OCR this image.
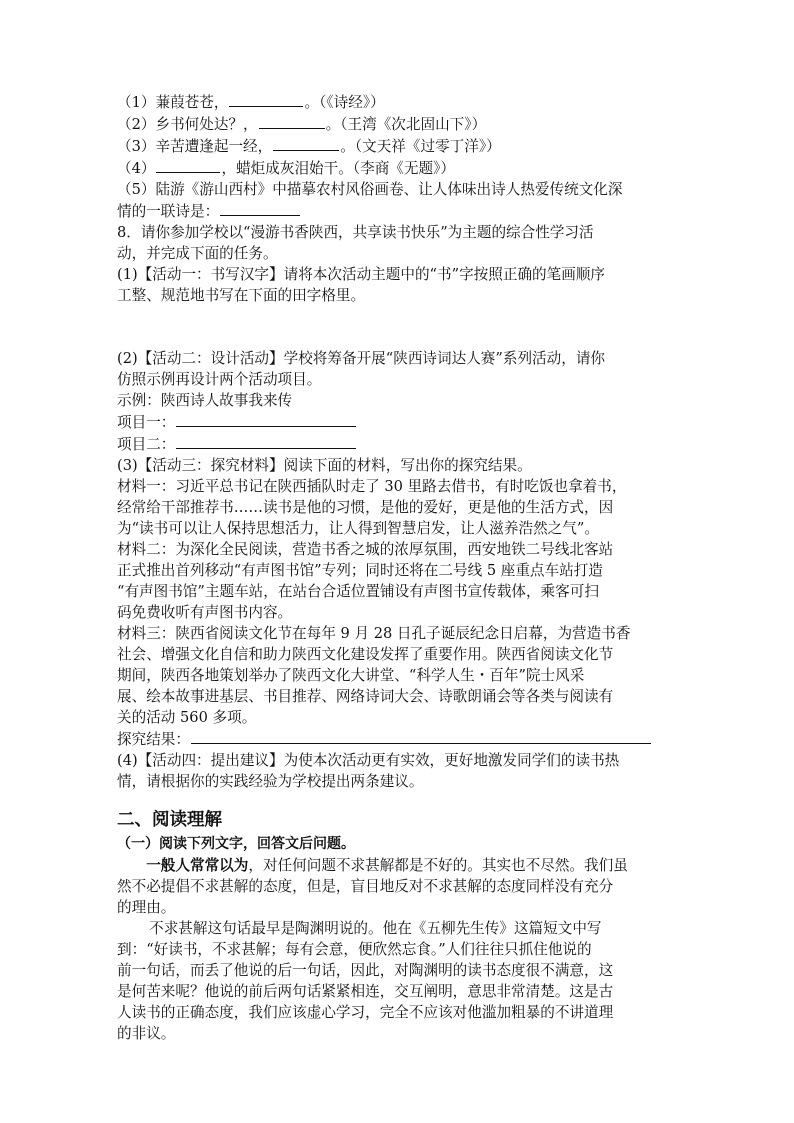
（1）蒹葭苍苍，	。（《诗经》）
（2）乡书何处达？，	。（王湾《次北固山下》）
（3）辛苦遭逢起一经，	。（文天祥《过零丁洋》）
（4）	，蜡炬成灰泪始干。（李商《无题》）
（5）陆游《游山西村》中描摹农村风俗画卷、让人体味出诗人热爱传统文化深
情的一联诗是：
8．请你参加学校以“漫游书香陕西，共享读书快乐”为主题的综合性学习活
动，并完成下面的任务。
(1)【活动一：书写汉字】请将本次活动主题中的“书”字按照正确的笔画顺序
工整、规范地书写在下面的田字格里。
(2)【活动二：设计活动】学校将筹备开展“陕西诗词达人赛”系列活动，请你
仿照示例再设计两个活动项目。
示例：陕西诗人故事我来传
项目一：
项目二：
(3)【活动三：探究材料】阅读下面的材料，写出你的探究结果。
材料一：习近平总书记在陕西插队时走了 30 里路去借书，有时吃饭也拿着书，
经常给干部推荐书……读书是他的习惯，是他的爱好，更是他的生活方式，因
为“读书可以让人保持思想活力，让人得到智慧启发，让人滋养浩然之气”。
材料二：为深化全民阅读，营造书香之城的浓厚氛围，西安地铁二号线北客站
正式推出首列移动“有声图书馆”专列；同时还将在二号线 5 座重点车站打造
“有声图书馆”主题车站，在站台合适位置铺设有声图书宣传载体，乘客可扫
码免费收听有声图书内容。
材料三：陕西省阅读文化节在每年 9 月 28 日孔子诞辰纪念日启幕，为营造书香
社会、增强文化自信和助力陕西文化建设发挥了重要作用。陕西省阅读文化节
期间，陕西各地策划举办了陕西文化大讲堂、“科学人生・百年”院士风采
展、绘本故事进基层、书目推荐、网络诗词大会、诗歌朗诵会等各类与阅读有
关的活动 560 多项。
探究结果：
(4)【活动四：提出建议】为使本次活动更有实效，更好地激发同学们的读书热
情，请根据你的实践经验为学校提出两条建议。
二、阅读理解
（一）阅读下列文字，回答文后问题。
一般人常常以为，对任何问题不求甚解都是不好的。其实也不尽然。我们虽
然不必提倡不求甚解的态度，但是，盲目地反对不求甚解的态度同样没有充分
的理由。
不求甚解这句话最早是陶渊明说的。他在《五柳先生传》这篇短文中写
到：“好读书，不求甚解；每有会意，便欣然忘食。”人们往往只抓住他说的
前一句话，而丢了他说的后一句话，因此，对陶渊明的读书态度很不满意，这
是何苦来呢？他说的前后两句话紧紧相连，交互阐明，意思非常清楚。这是古
人读书的正确态度，我们应该虚心学习，完全不应该对他滥加粗暴的不讲道理
的非议。
